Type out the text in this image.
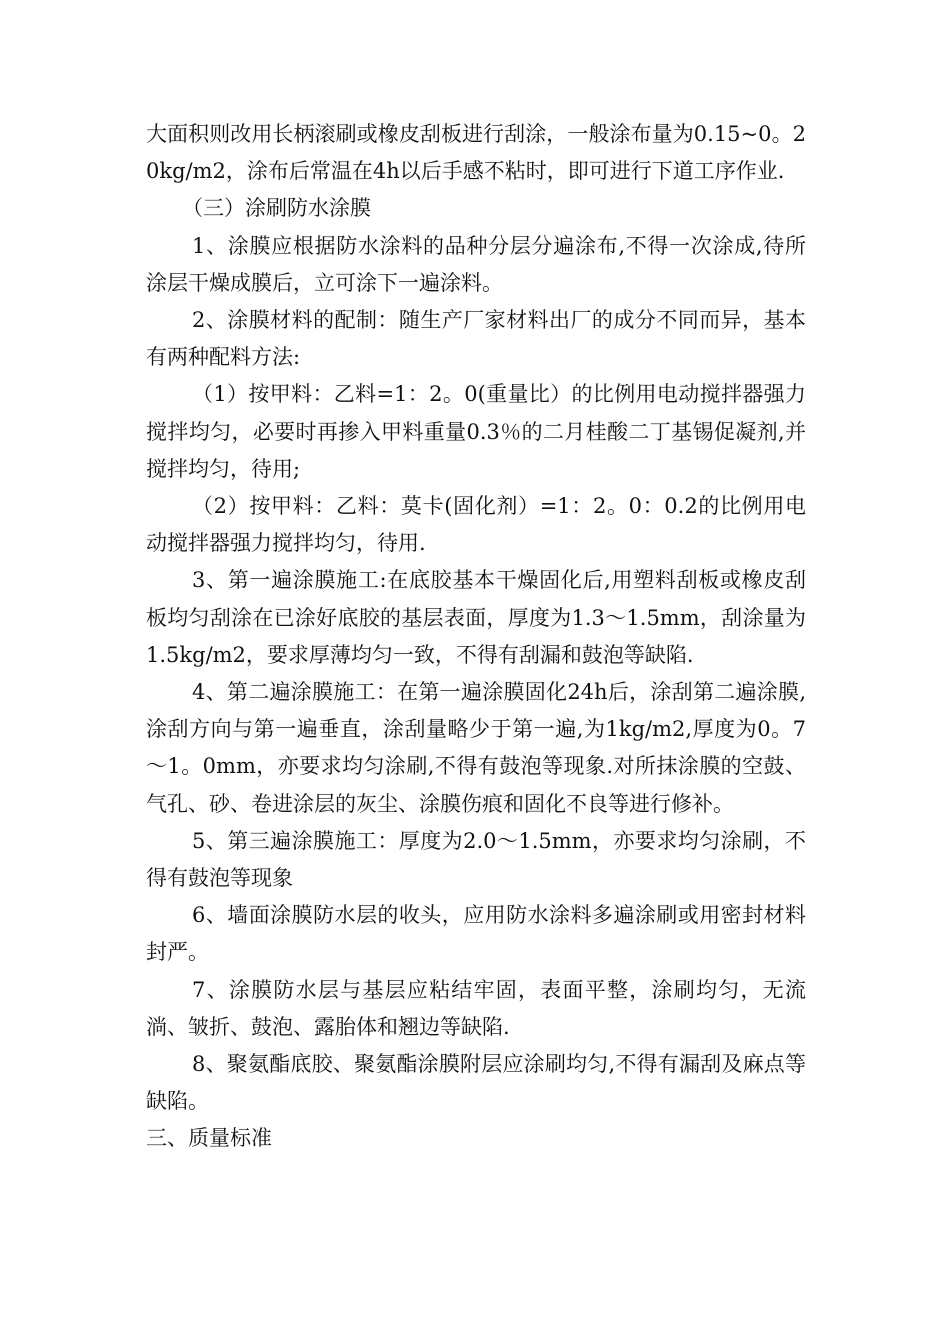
大面积则改用长柄滚刷或橡皮刮板进行刮涂，一般涂布量为0.15~0。20kg/m2，涂布后常温在4h以后手感不粘时，即可进行下道工序作业.

（三）涂刷防水涂膜

1、涂膜应根据防水涂料的品种分层分遍涂布,不得一次涂成,待所涂层干燥成膜后，立可涂下一遍涂料。

2、涂膜材料的配制：随生产厂家材料出厂的成分不同而异，基本有两种配料方法:

（1）按甲料：乙料=1：2。0(重量比）的比例用电动搅拌器强力搅拌均匀，必要时再掺入甲料重量0.3％的二月桂酸二丁基锡促凝剂,并搅拌均匀，待用;

（2）按甲料：乙料：莫卡(固化剂）=1：2。0：0.2的比例用电动搅拌器强力搅拌均匀，待用.

3、第一遍涂膜施工:在底胶基本干燥固化后,用塑料刮板或橡皮刮板均匀刮涂在已涂好底胶的基层表面，厚度为1.3～1.5mm，刮涂量为1.5kg/m2，要求厚薄均匀一致，不得有刮漏和鼓泡等缺陷.

4、第二遍涂膜施工：在第一遍涂膜固化24h后，涂刮第二遍涂膜,涂刮方向与第一遍垂直，涂刮量略少于第一遍,为1kg/m2,厚度为0。7～1。0mm，亦要求均匀涂刷,不得有鼓泡等现象.对所抹涂膜的空鼓、气孔、砂、卷进涂层的灰尘、涂膜伤痕和固化不良等进行修补。

5、第三遍涂膜施工：厚度为2.0～1.5mm，亦要求均匀涂刷，不得有鼓泡等现象

6、墙面涂膜防水层的收头，应用防水涂料多遍涂刷或用密封材料封严。

7、涂膜防水层与基层应粘结牢固，表面平整，涂刷均匀，无流淌、皱折、鼓泡、露胎体和翘边等缺陷.

8、聚氨酯底胶、聚氨酯涂膜附层应涂刷均匀,不得有漏刮及麻点等缺陷。

三、质量标准
